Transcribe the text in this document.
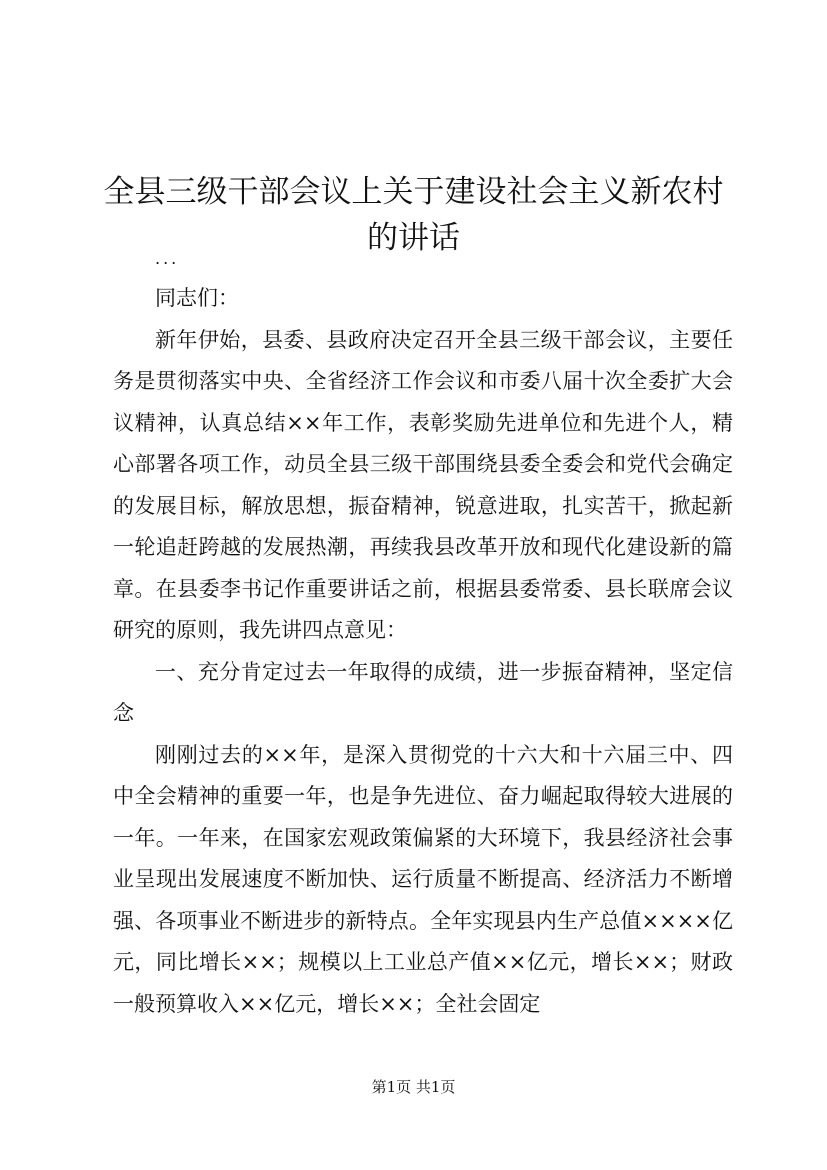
全县三级干部会议上关于建设社会主义新农村
的讲话

...

同志们：

新年伊始，县委、县政府决定召开全县三级干部会议，主要任务是贯彻落实中央、全省经济工作会议和市委八届十次全委扩大会议精神，认真总结××年工作，表彰奖励先进单位和先进个人，精心部署各项工作，动员全县三级干部围绕县委全委会和党代会确定的发展目标，解放思想，振奋精神，锐意进取，扎实苦干，掀起新一轮追赶跨越的发展热潮，再续我县改革开放和现代化建设新的篇章。在县委李书记作重要讲话之前，根据县委常委、县长联席会议研究的原则，我先讲四点意见：

一、充分肯定过去一年取得的成绩，进一步振奋精神，坚定信念

刚刚过去的××年，是深入贯彻党的十六大和十六届三中、四中全会精神的重要一年，也是争先进位、奋力崛起取得较大进展的一年。一年来，在国家宏观政策偏紧的大环境下，我县经济社会事业呈现出发展速度不断加快、运行质量不断提高、经济活力不断增强、各项事业不断进步的新特点。全年实现县内生产总值××××亿元，同比增长××；规模以上工业总产值××亿元，增长××；财政一般预算收入××亿元，增长××；全社会固定

第1页 共1页
